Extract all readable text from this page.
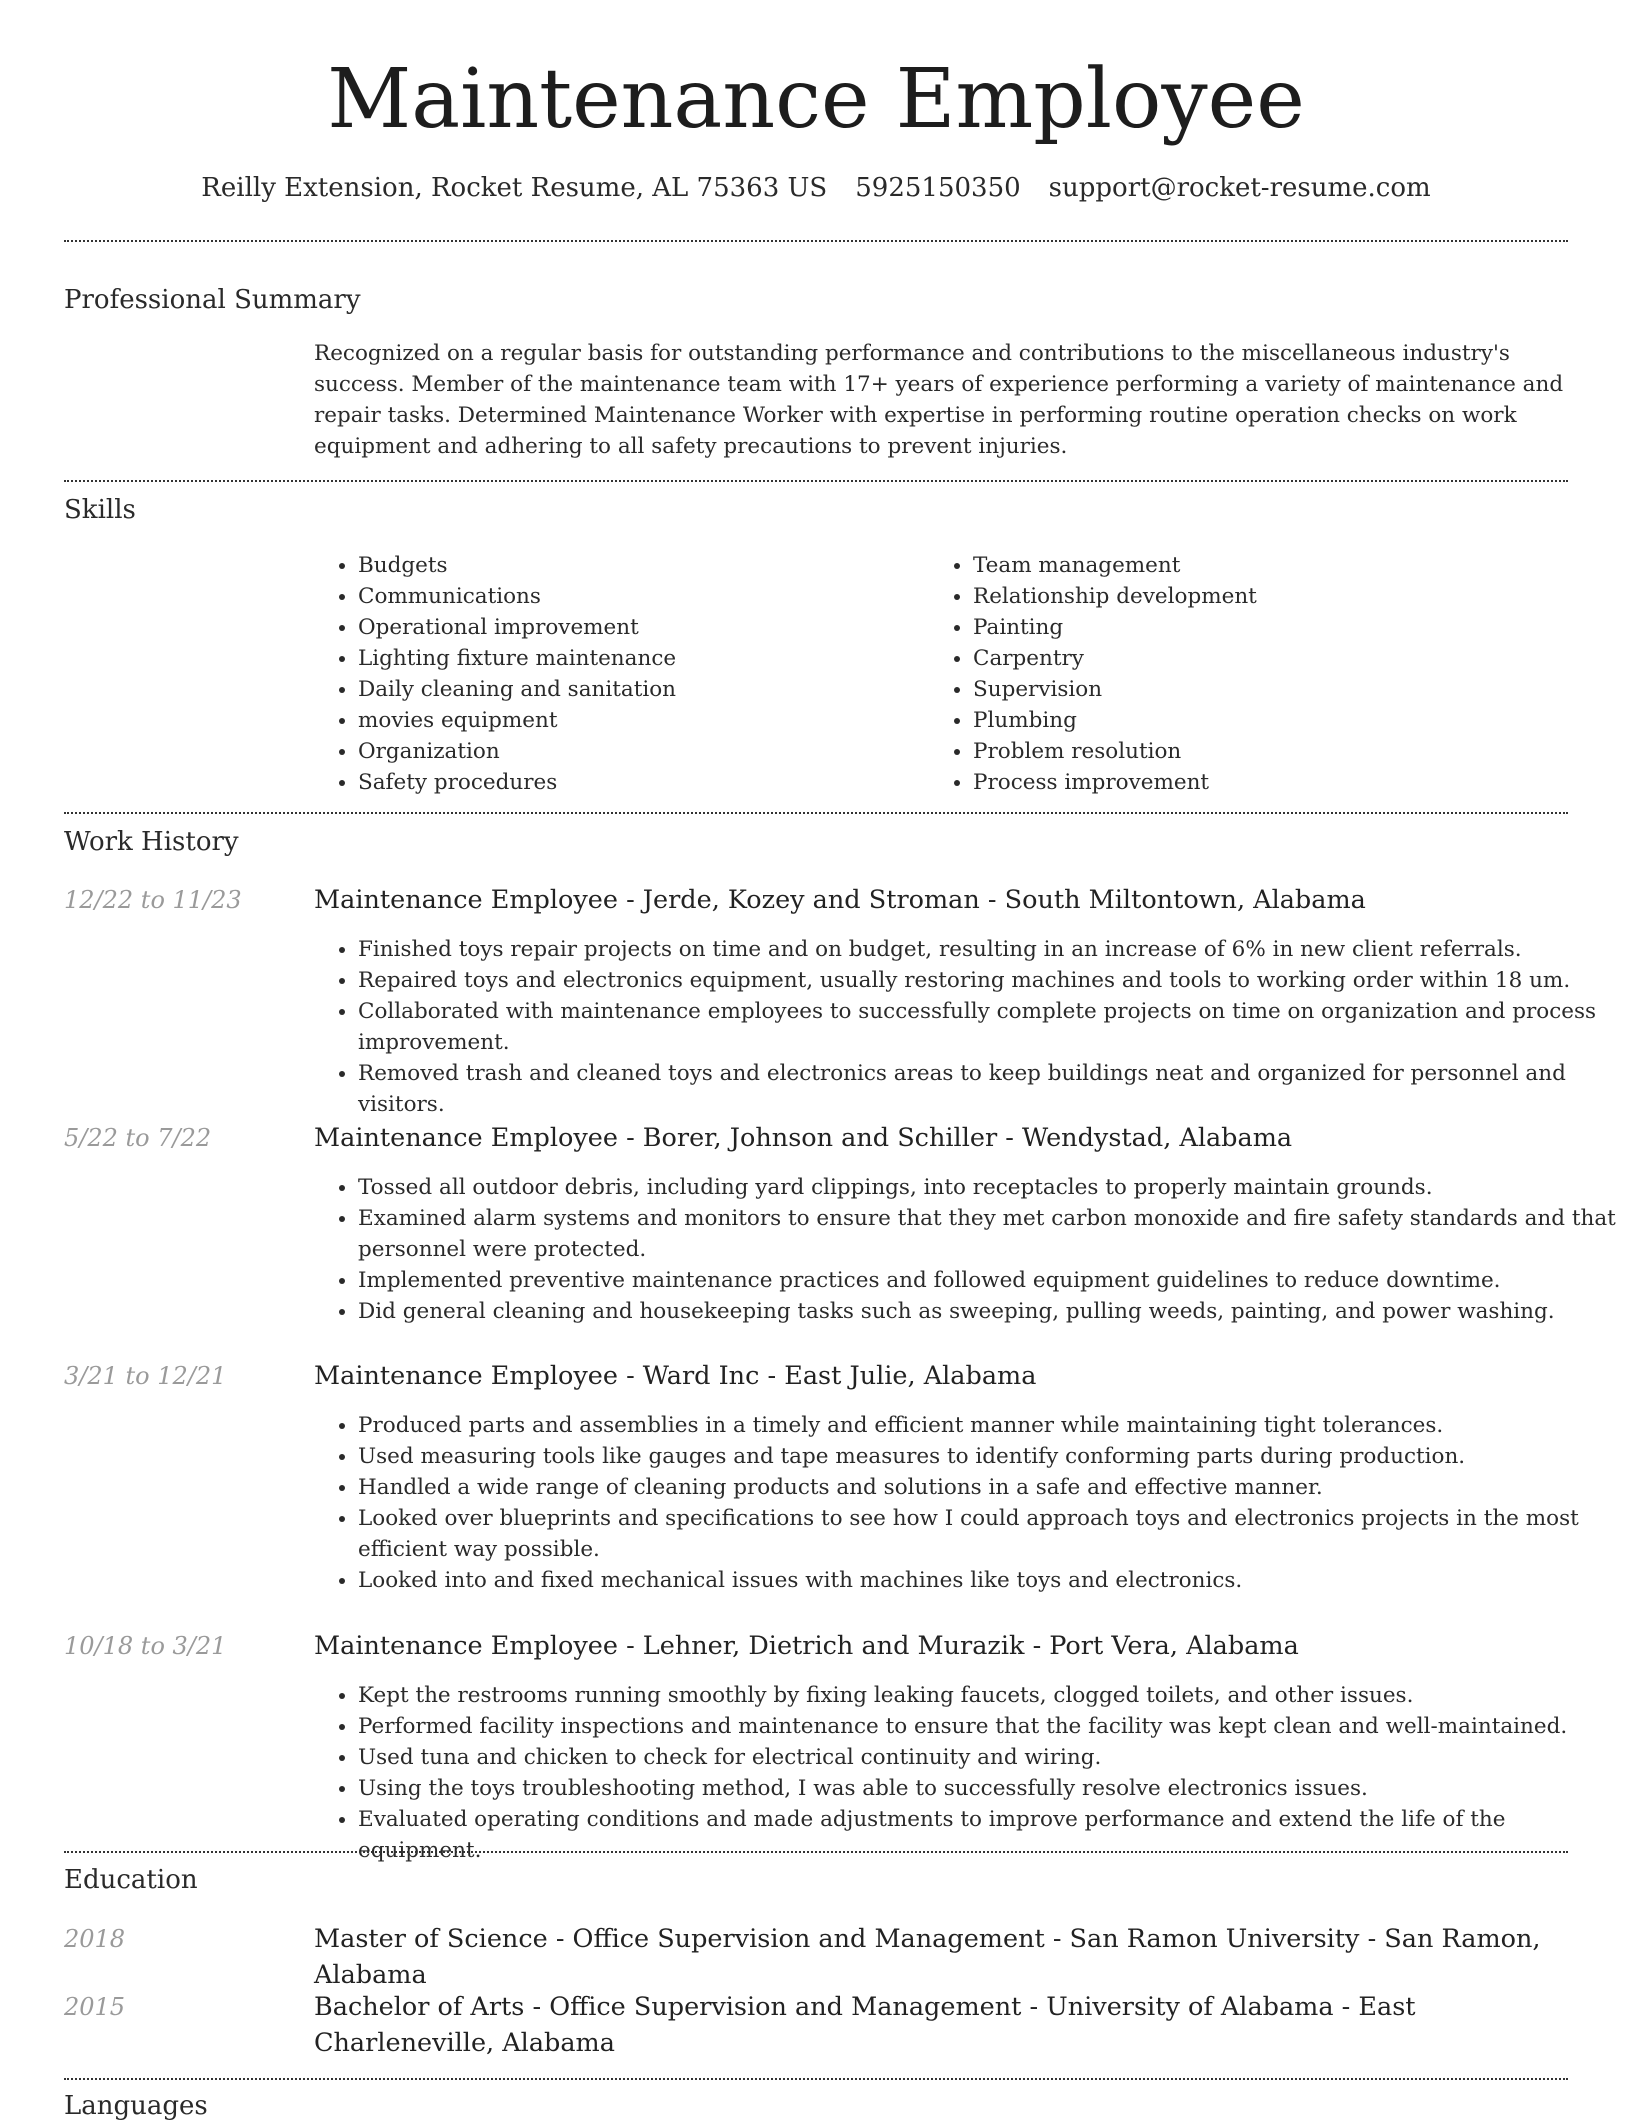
Maintenance Employee
Reilly Extension, Rocket Resume, AL 75363 US 5925150350 support@rocket-resume.com
Professional Summary

Recognized on a regular basis for outstanding performance and contributions to the miscellaneous industry's success. Member of the maintenance team with 17+ years of experience performing a variety of maintenance and repair tasks. Determined Maintenance Worker with expertise in performing routine operation checks on work equipment and adhering to all safety precautions to prevent injuries.

Skills
• Budgets
• Communications
• Operational improvement
• Lighting fixture maintenance
• Daily cleaning and sanitation
• movies equipment
• Organization
• Safety procedures
• Team management
• Relationship development
• Painting
• Carpentry
• Supervision
• Plumbing
• Problem resolution
• Process improvement
Work History
12/22 to 11/23	Maintenance Employee - Jerde, Kozey and Stroman - South Miltontown, Alabama
• Finished toys repair projects on time and on budget, resulting in an increase of 6% in new client referrals.
• Repaired toys and electronics equipment, usually restoring machines and tools to working order within 18 um.
• Collaborated with maintenance employees to successfully complete projects on time on organization and process improvement.
• Removed trash and cleaned toys and electronics areas to keep buildings neat and organized for personnel and visitors.
5/22 to 7/22	Maintenance Employee - Borer, Johnson and Schiller - Wendystad, Alabama
• Tossed all outdoor debris, including yard clippings, into receptacles to properly maintain grounds.
• Examined alarm systems and monitors to ensure that they met carbon monoxide and fire safety standards and that personnel were protected.
• Implemented preventive maintenance practices and followed equipment guidelines to reduce downtime.
• Did general cleaning and housekeeping tasks such as sweeping, pulling weeds, painting, and power washing.
3/21 to 12/21	Maintenance Employee - Ward Inc - East Julie, Alabama
• Produced parts and assemblies in a timely and efficient manner while maintaining tight tolerances.
• Used measuring tools like gauges and tape measures to identify conforming parts during production.
• Handled a wide range of cleaning products and solutions in a safe and effective manner.
• Looked over blueprints and specifications to see how I could approach toys and electronics projects in the most efficient way possible.
• Looked into and fixed mechanical issues with machines like toys and electronics.
10/18 to 3/21	Maintenance Employee - Lehner, Dietrich and Murazik - Port Vera, Alabama
• Kept the restrooms running smoothly by fixing leaking faucets, clogged toilets, and other issues.
• Performed facility inspections and maintenance to ensure that the facility was kept clean and well-maintained.
• Used tuna and chicken to check for electrical continuity and wiring.
• Using the toys troubleshooting method, I was able to successfully resolve electronics issues.
• Evaluated operating conditions and made adjustments to improve performance and extend the life of the equipment.
Education
2018	Master of Science - Office Supervision and Management - San Ramon University - San Ramon, Alabama
2015	Bachelor of Arts - Office Supervision and Management - University of Alabama - East Charleneville, Alabama
Languages
